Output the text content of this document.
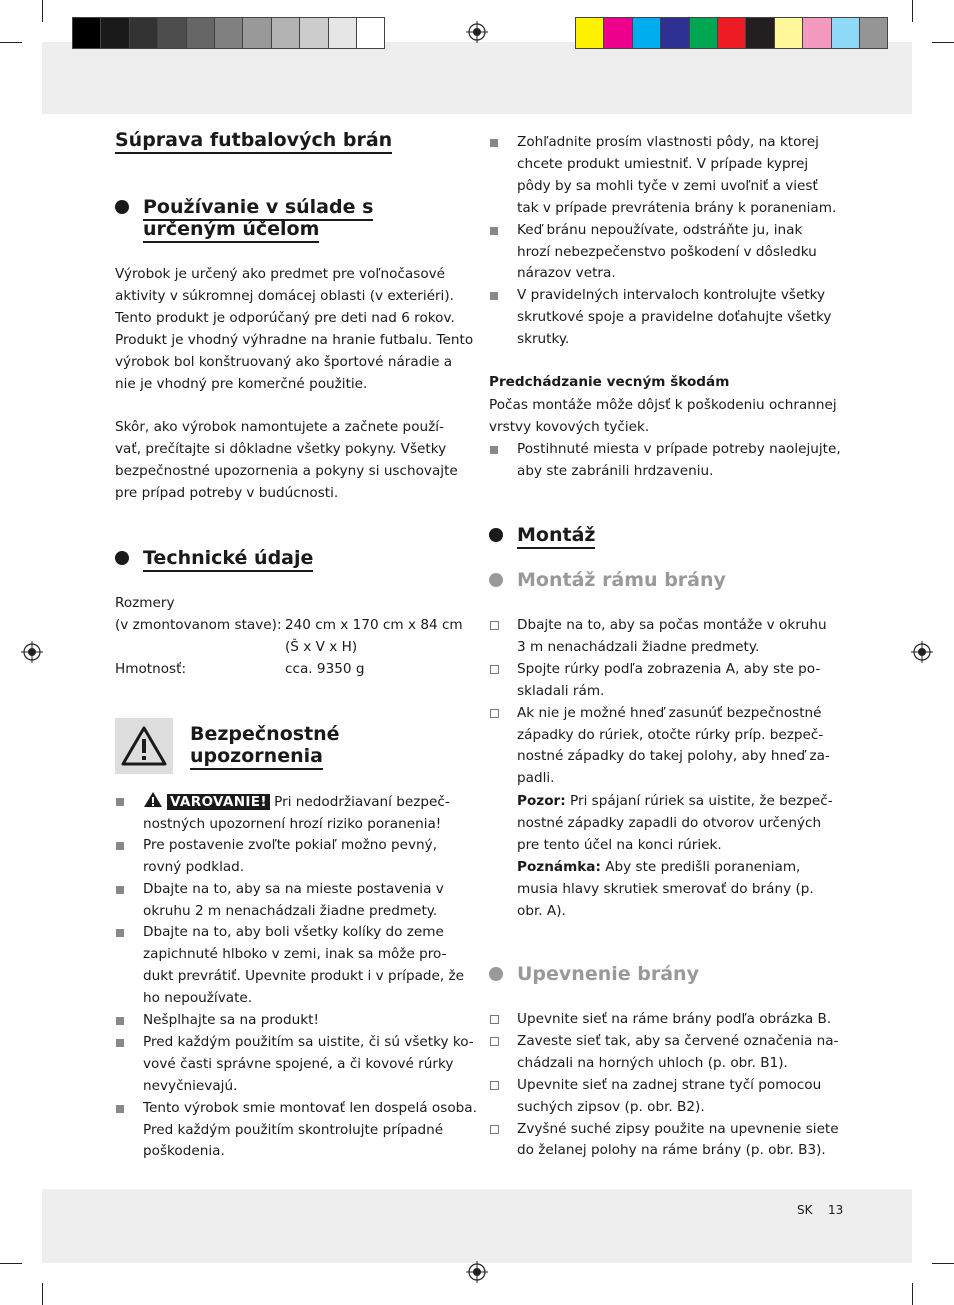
Súprava futbalových brán
Používanie v súlade s
určeným účelom
Výrobok je určený ako predmet pre voľnočasové
aktivity v súkromnej domácej oblasti (v exteriéri).
Tento produkt je odporúčaný pre deti nad 6 rokov.
Produkt je vhodný výhradne na hranie futbalu. Tento
výrobok bol konštruovaný ako športové náradie a
nie je vhodný pre komerčné použitie.
Skôr, ako výrobok namontujete a začnete použí-
vať, prečítajte si dôkladne všetky pokyny. Všetky
bezpečnostné upozornenia a pokyny si uschovajte
pre prípad potreby v budúcnosti.
Technické údaje
Rozmery
(v zmontovanom stave): 240 cm x 170 cm x 84 cm
(Š x V x H)
Hmotnosť:	cca. 9350 g
Bezpečnostné
upozornenia
VAROVANIE! Pri nedodržiavaní bezpeč-
nostných upozornení hrozí riziko poranenia!
Pre postavenie zvoľte pokiaľ možno pevný,
rovný podklad.
Dbajte na to, aby sa na mieste postavenia v
okruhu 2 m nenachádzali žiadne predmety.
Dbajte na to, aby boli všetky kolíky do zeme
zapichnuté hlboko v zemi, inak sa môže pro-
dukt prevrátiť. Upevnite produkt i v prípade, že
ho nepoužívate.
Nešplhajte sa na produkt!
Pred každým použitím sa uistite, či sú všetky ko-
vové časti správne spojené, a či kovové rúrky
nevyčnievajú.
Tento výrobok smie montovať len dospelá osoba.
Pred každým použitím skontrolujte prípadné
poškodenia.
Zohľadnite prosím vlastnosti pôdy, na ktorej
chcete produkt umiestniť. V prípade kyprej
pôdy by sa mohli tyče v zemi uvoľniť a viesť
tak v prípade prevrátenia brány k poraneniam.
Keď bránu nepoužívate, odstráňte ju, inak
hrozí nebezpečenstvo poškodení v dôsledku
nárazov vetra.
V pravidelných intervaloch kontrolujte všetky
skrutkové spoje a pravidelne doťahujte všetky
skrutky.
Predchádzanie vecným škodám
Počas montáže môže dôjsť k poškodeniu ochrannej
vrstvy kovových tyčiek.
Postihnuté miesta v prípade potreby naolejujte,
aby ste zabránili hrdzaveniu.
Montáž
Montáž rámu brány
Dbajte na to, aby sa počas montáže v okruhu
3 m nenachádzali žiadne predmety.
Spojte rúrky podľa zobrazenia A, aby ste po-
skladali rám.
Ak nie je možné hneď zasunúť bezpečnostné
západky do rúriek, otočte rúrky príp. bezpeč-
nostné západky do takej polohy, aby hneď za-
padli.
Pozor: Pri spájaní rúriek sa uistite, že bezpeč-
nostné západky zapadli do otvorov určených
pre tento účel na konci rúriek.
Poznámka: Aby ste predišli poraneniam,
musia hlavy skrutiek smerovať do brány (p.
obr. A).
Upevnenie brány
Upevnite sieť na ráme brány podľa obrázka B.
Zaveste sieť tak, aby sa červené označenia na-
chádzali na horných uhloch (p. obr. B1).
Upevnite sieť na zadnej strane tyčí pomocou
suchých zipsov (p. obr. B2).
Zvyšné suché zipsy použite na upevnenie siete
do želanej polohy na ráme brány (p. obr. B3).
SK 13
